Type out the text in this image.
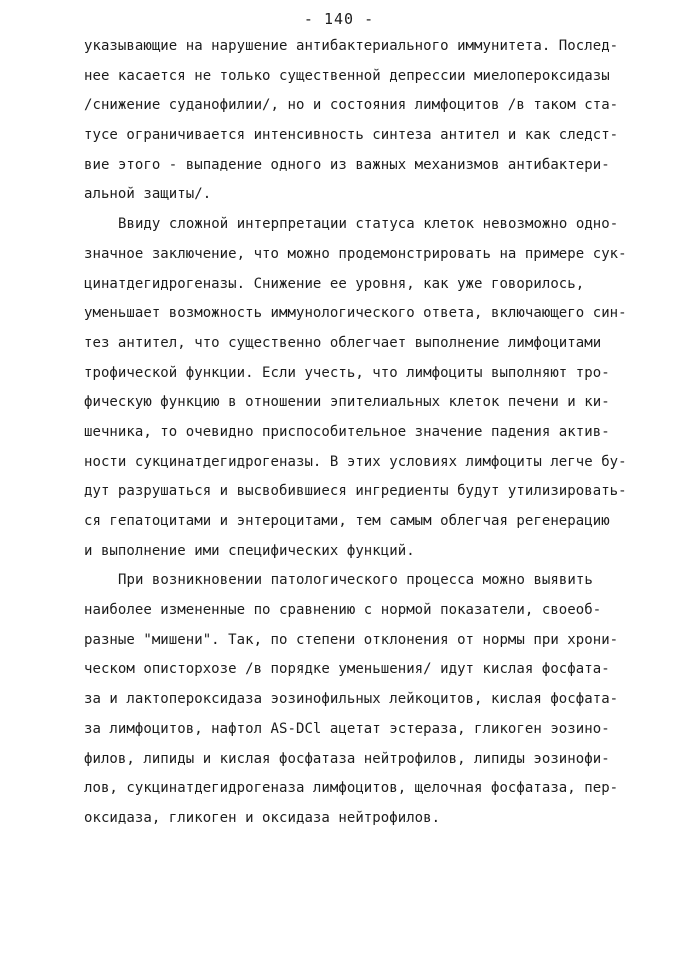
- 140 -
указывающие на нарушение антибактериального иммунитета. Послед-
нее касается не только существенной депрессии миелопероксидазы
/снижение суданофилии/, но и состояния лимфоцитов /в таком ста-
тусе ограничивается интенсивность синтеза антител и как следст-
вие этого - выпадение одного из важных механизмов антибактери-
альной защиты/.
Ввиду сложной интерпретации статуса клеток невозможно одно-
значное заключение, что можно продемонстрировать на примере сук-
цинатдегидрогеназы. Снижение ее уровня, как уже говорилось,
уменьшает возможность иммунологического ответа, включающего син-
тез антител, что существенно облегчает выполнение лимфоцитами
трофической функции. Если учесть, что лимфоциты выполняют тро-
фическую функцию в отношении эпителиальных клеток печени и ки-
шечника, то очевидно приспособительное значение падения актив-
ности сукцинатдегидрогеназы. В этих условиях лимфоциты легче бу-
дут разрушаться и высвобившиеся ингредиенты будут утилизировать-
ся гепатоцитами и энтероцитами, тем самым облегчая регенерацию
и выполнение ими специфических функций.
При возникновении патологического процесса можно выявить
наиболее измененные по сравнению с нормой показатели, своеоб-
разные "мишени". Так, по степени отклонения от нормы при хрони-
ческом описторхозе /в порядке уменьшения/ идут кислая фосфата-
за и лактопероксидаза эозинофильных лейкоцитов, кислая фосфата-
за лимфоцитов, нафтол AS-DCl ацетат эстераза, гликоген эозино-
филов, липиды и кислая фосфатаза нейтрофилов, липиды эозинофи-
лов, сукцинатдегидрогеназа лимфоцитов, щелочная фосфатаза, пер-
оксидаза, гликоген и оксидаза нейтрофилов.
